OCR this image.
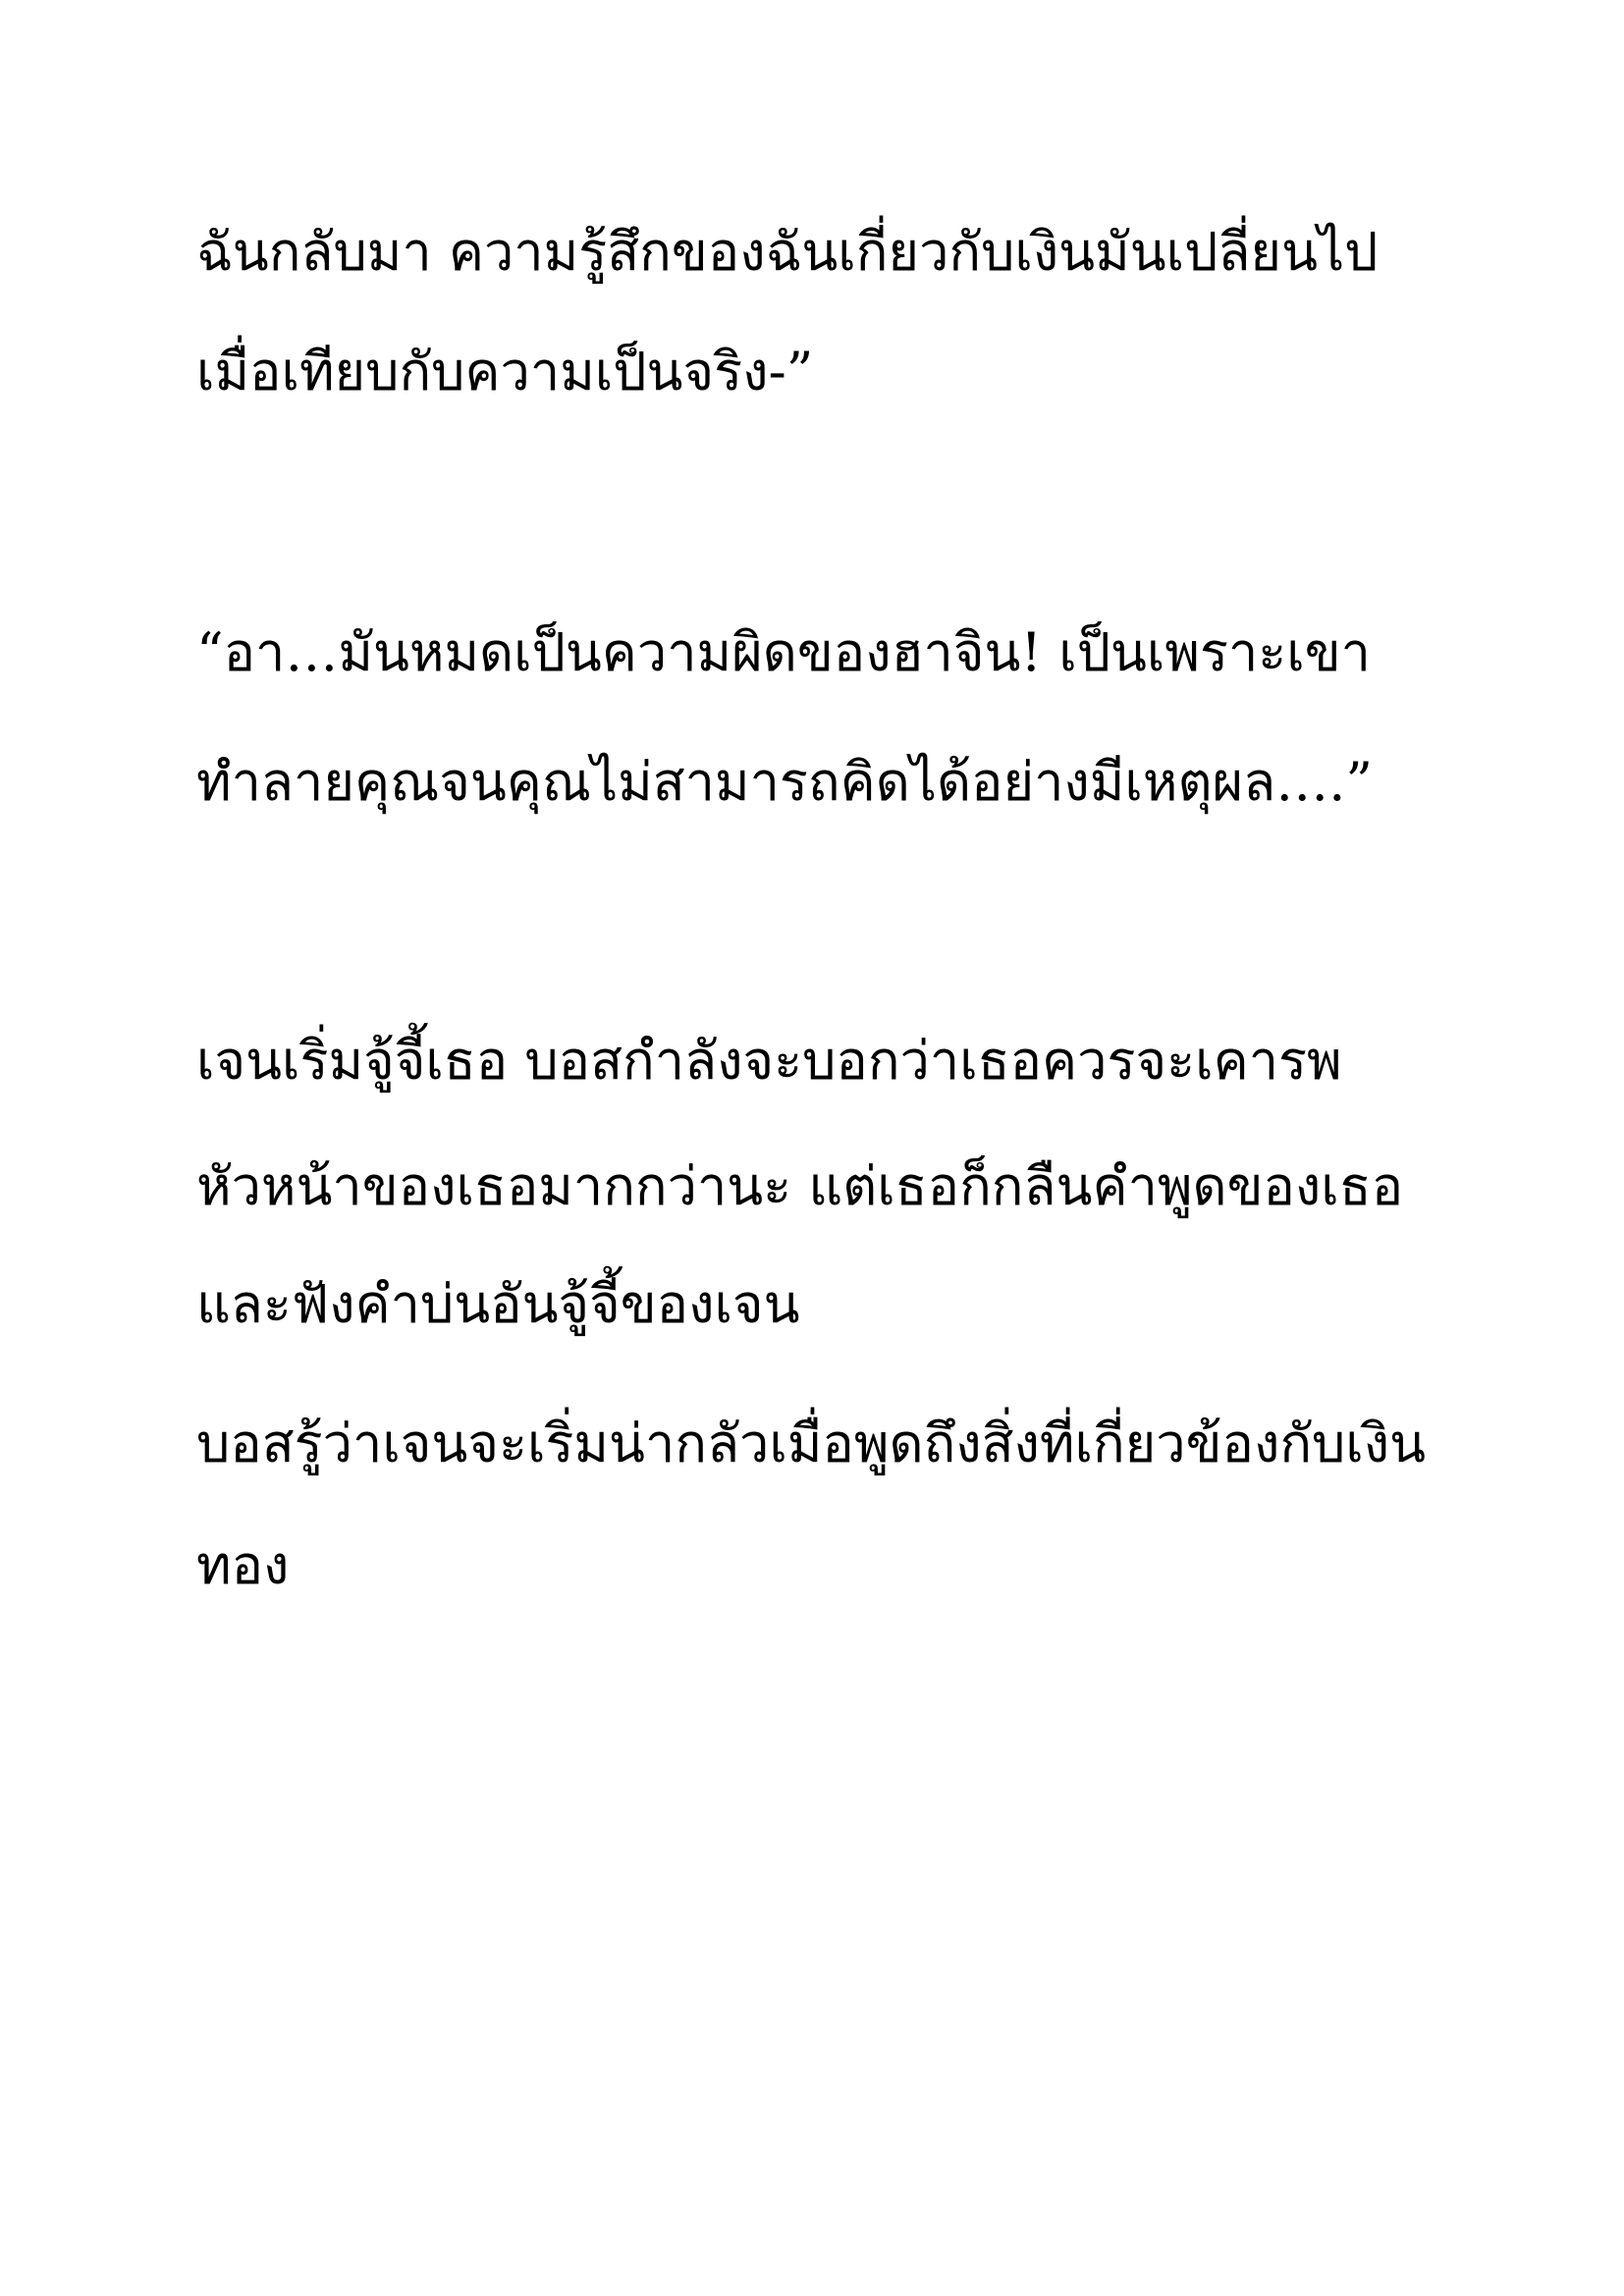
ฉันกลับมา ความรู้สึกของฉันเกี่ยวกับเงินมันเปลี่ยนไป

เมื่อเทียบกับความเป็นจริง-”

“อา…มันหมดเป็นความผิดของฮาจิน! เป็นเพราะเขา

ทำลายคุณจนคุณไม่สามารถคิดได้อย่างมีเหตุผล….”

เจนเริ่มจู้จี้เธอ บอสกำลังจะบอกว่าเธอควรจะเคารพ

หัวหน้าของเธอมากกว่านะ แต่เธอก็กลืนคำพูดของเธอ

และฟังคำบ่นอันจู้จี้ของเจน

บอสรู้ว่าเจนจะเริ่มน่ากลัวเมื่อพูดถึงสิ่งที่เกี่ยวข้องกับเงิน

ทอง
